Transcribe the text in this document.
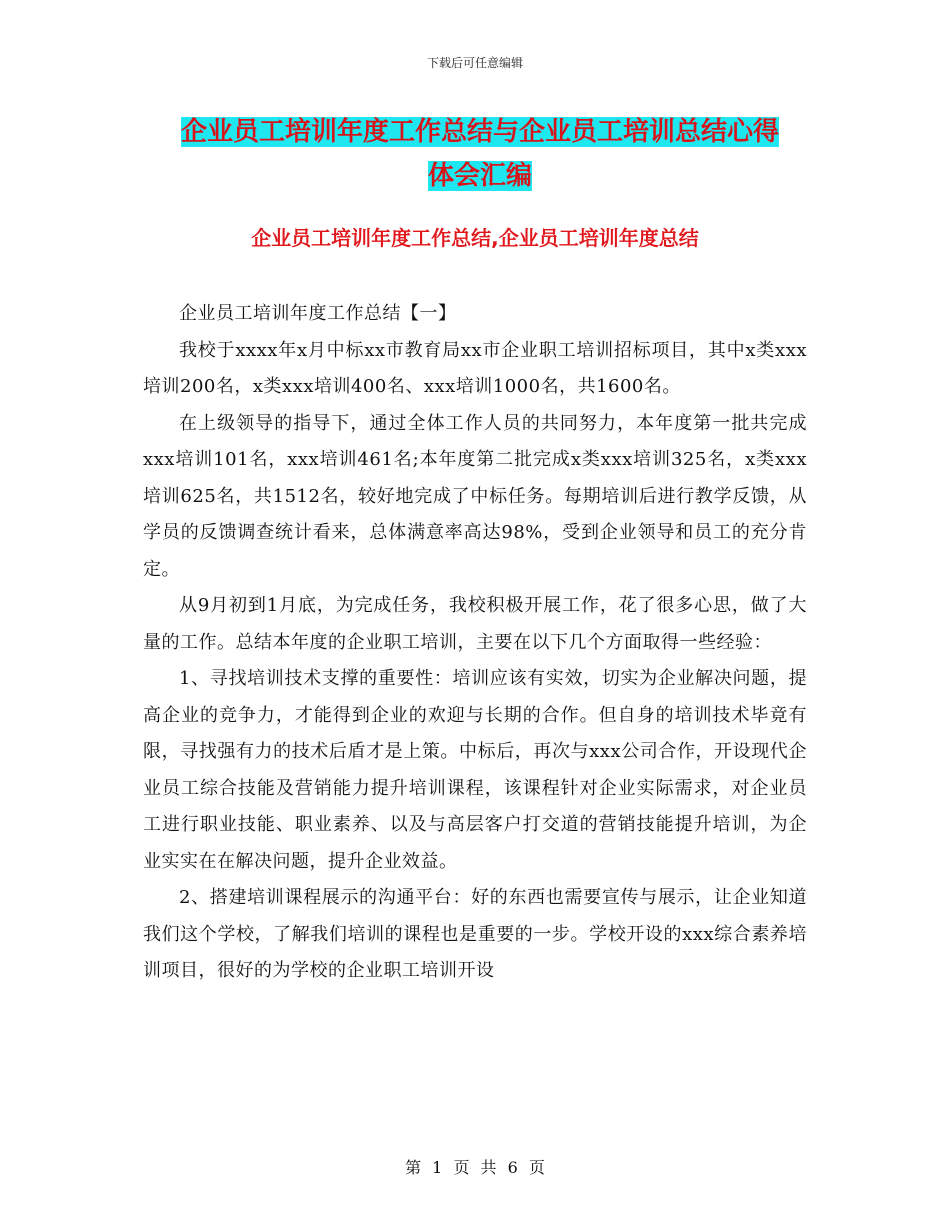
下载后可任意编辑
企业员工培训年度工作总结与企业员工培训总结心得
体会汇编
企业员工培训年度工作总结,企业员工培训年度总结

企业员工培训年度工作总结【一】

我校于xxxx年x月中标xx市教育局xx市企业职工培训招标项目，其中x类xxx培训200名，x类xxx培训400名、xxx培训1000名，共1600名。

在上级领导的指导下，通过全体工作人员的共同努力，本年度第一批共完成xxx培训101名，xxx培训461名;本年度第二批完成x类xxx培训325名，x类xxx培训625名，共1512名，较好地完成了中标任务。每期培训后进行教学反馈，从学员的反馈调查统计看来，总体满意率高达98%，受到企业领导和员工的充分肯定。

从9月初到1月底，为完成任务，我校积极开展工作，花了很多心思，做了大量的工作。总结本年度的企业职工培训，主要在以下几个方面取得一些经验：

1、寻找培训技术支撑的重要性：培训应该有实效，切实为企业解决问题，提高企业的竞争力，才能得到企业的欢迎与长期的合作。但自身的培训技术毕竟有限，寻找强有力的技术后盾才是上策。中标后，再次与xxx公司合作，开设现代企业员工综合技能及营销能力提升培训课程，该课程针对企业实际需求，对企业员工进行职业技能、职业素养、以及与高层客户打交道的营销技能提升培训，为企业实实在在解决问题，提升企业效益。

2、搭建培训课程展示的沟通平台：好的东西也需要宣传与展示，让企业知道我们这个学校，了解我们培训的课程也是重要的一步。学校开设的xxx综合素养培训项目，很好的为学校的企业职工培训开设

第 1 页 共 6 页
